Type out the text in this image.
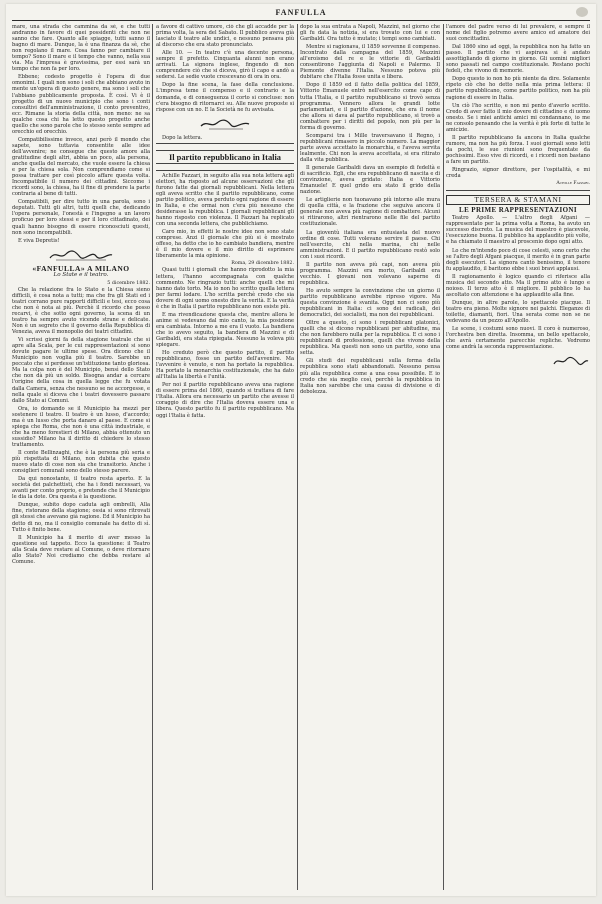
FANFULLA

mare, una strada che cammina da sè, e che tutti andranno in favore di quei possidenti che non ne sanno che fare. Quanto alle spiagge, tutti sanno il bagno di mare. Dunque, la è una finanza da sè, che non regolano il mare. Cosa fanno per cambiare il tempo? Sono il mare e il tempo che vanno, nella sua via. Ma l'impresa è gravissima, per essi sarà un tempo che non fa per loro.

Ebbene; codesto progetto è l'opera di due omonimi. I quali non sono i soli che abbiano avuto in mente un'opera di questo genere, ma sono i soli che l'abbiano pubblicamente proposta. È così. Vi è il progetto di un nuovo municipio che sono i conti consultivi dell'amministrazione, il conto preventivo, ecc. Rimane la storia della città, non meno: ne sa qualche cosa chi ha letto questo progetto anche quello che sono parole che lo stesso sente sempre ad orecchio ed orecchio.

Compatibilissime invece, anzi però il mondo che sapete, sono tuttavia consentite alle idee dell'avvenire; ne consegue che questo amore alla gratitudine degli altri, abbia un poco, alla persona, anche quella del mercato, che vuole essere la chiesa e per la chiesa sola. Non comprendiamo come si possa trattare per così piccolo affare questa volta. Incompatibile il numero dei cittadini. Siccome i ricordi sono, la chiesa, ha il fine di prendere la parte contraria al bene di tutti.

Compatibili, per dire tutto in una parola, sono i deputati. Tutti gli altri, tutti quelli che, dedicando l'opera personale, l'onestà e l'ingegno a un lavoro proficuo per loro stessi e per il loro cittadinato, dei quali hanno bisogno di essere riconosciuti questi, non sono incompatibili.

E viva Depretis!

«FANFULLA» A MILANO
Lo State e il teatro.
5 dicembre 1882.

Che la relazione fra lo Stato e la Chiesa sieno difficili, è cosa nota a tutti; ma che fra gli Stati ed i teatri corrano pure rapporti difficili e tesi, ecco cosa che non è nota ai più. Perchè il ricordo che posso recarvi, è che sotto ogni governo, la scena di un teatro ha sempre avuto vicende strane e delicate. Non è un segreto che il governo della Repubblica di Venezia, aveva il monopolio dei teatri cittadini.

Vi scrissi giorni fa della stagione teatrale che si apre alla Scala, per le cui rappresentazioni si sono dovute pagare le ultime spese. Ora dicono che il Municipio non voglia più il teatro. Sarebbe un peccato che si perdesse un'istituzione tanto gloriosa. Ma la colpa non è del Municipio, bensì dello Stato che non dà più un soldo. Bisogna andar a cercare l'origine della cosa in quella legge che fu votata dalla Camera, senza che nessuno se ne accorgesse, e nella quale si diceva che i teatri dovessero passare dallo Stato ai Comuni.

Ora, io domando se il Municipio ha mezzi per sostenere il teatro. Il teatro è un lusso, d'accordo; ma è un lusso che porta danaro al paese. E come si spiega che Roma, che non è una città industriale, e che ha meno forestieri di Milano, abbia ottenuto un sussidio? Milano ha il diritto di chiedere lo stesso trattamento.

Il conte Bellinzaghi, che è la persona più seria e più rispettata di Milano, non dubita che questo nuovo stato di cose non sia che transitorio. Anche i consiglieri comunali sono dello stesso parere.

Da qui nonostante, il teatro resta aperto. E la società dei palchettisti, che ha i fondi necessari, va avanti per conto proprio, e pretende che il Municipio le dia la dote. Ora questa è la questione.

Dunque, subito dopo caduta agli ombrelli, Alla fine, ristorano della stagione; ossia si sono ritrovati gli stessi che avevano già ragione. Ed il Municipio ha detto di no, ma il consiglio comunale ha detto di sì. Tutto è finito bene.

Il Municipio ha il merito di aver messo la questione sul tappeto. Ecco la questione: il Teatro alla Scala deve restare al Comune, o deve ritornare allo Stato? Noi crediamo che debba restare al Comune.

a favore di cattivo umore, ciò che gli accadde per la prima volta, la sera del Sabato. Il pubblico aveva già lasciato il teatro alle undici, e nessuno pensava più al discorso che era stato pronunciato.

Alle 10. — In teatro c'è una decente persona, sempre il prefetto. Cinquanta alunni non erano arrivati. La signora inglese, fingendo di non comprendere ciò che si diceva, girò il capo e andò a sedersi. Le sedie vuote crescevano di ora in ora.

Dopo la fine scena, la fase della conclusione. L'impresa teme il compenso e il contrario e la domanda, e di conseguenza il corto si concluse: non c'era bisogno di ritornarci su. Alle nuove proposte si rispose con un no. E la Società ne fu avvisata.

Dopo la lettera.

Il partito repubblicano in Italia

Achille Fazzari, in seguito alla sua nota lettera agli elettori, ha risposto ad alcune osservazioni che gli furono fatte dai giornali repubblicani. Nella lettera egli aveva scritto che il partito repubblicano, come partito politico, aveva perduto ogni ragione di essere in Italia, e che ormai non c'era più nessuno che desiderasse la repubblica. I giornali repubblicani gli hanno risposto con violenza. Il Fazzari ha replicato con una seconda lettera, che pubblichiamo.

Caro mio, in effetti le nostre idee non sono state comprese. Anzi il giornale che più si è mostrato offeso, ha detto che io ho cambiato bandiera, mentre è il mio dovere e il mio diritto di esprimere liberamente la mia opinione.

Roma, 29 dicembre 1882.

Quasi tutti i giornali che hanno riprodotto la mia lettera, l'hanno accompagnata con qualche commento. Ne ringrazio tutti: anche quelli che mi hanno dato torto. Ma io non ho scritto quella lettera per farmi lodare. L'ho scritta perchè credo che sia dovere di ogni uomo onesto dire la verità. E la verità è che in Italia il partito repubblicano non esiste più.

E ma rivendicazione questa che, mentre allora le anime si vedevano dal mio canto, la mia posizione era cambiata. Intorno a me era il vuoto. La bandiera che io avevo seguito, la bandiera di Mazzini e di Garibaldi, era stata ripiegata. Nessuno la voleva più spiegare.

Ho creduto però che questo partito, il partito repubblicano, fosse un partito dell'avvenire. Ma l'avvenire è venuto, e non ha portato la repubblica. Ha portato la monarchia costituzionale, che ha dato all'Italia la libertà e l'unità.

Per noi il partito repubblicano aveva una ragione di essere prima del 1860, quando si trattava di fare l'Italia. Allora era necessario un partito che avesse il coraggio di dire che l'Italia doveva essere una e libera. Questo partito fu il partito repubblicano. Ma oggi l'Italia è fatta.

dopo la sua entrata a Napoli, Mazzini, nel giorno che gli fu data la notizia, si era trovato con lui e con Garibaldi. Ora tutto è mutato; i tempi sono cambiati.

Mentre si ragionava, il 1859 sovvenne il compenso. Incontrato dalla campagna del 1859, Mazzini all'eroismo del re e le vittorie di Garibaldi consentirono l'aggiunta di Napoli e Palermo. Il Piemonte divenne l'Italia. Nessuno poteva più dubitare che l'Italia fosse unita e libera.

Dopo il 1859 ed il fatto della politica del 1859, Vittorio Emanuele entrò nell'esercito come capo di tutta l'Italia, e il partito repubblicano si trovò senza programma. Vennero allora le grandi lotte parlamentari, e il partito d'azione, che era il nome che allora si dava al partito repubblicano, si trovò a combattere per i diritti del popolo, non più per la forma di governo.

Scomparsi tra i Mille traversavano il Regno, i repubblicani rimasero in piccolo numero. La maggior parte aveva accettato la monarchia, e l'aveva servita lealmente. Chi non la aveva accettata, si era ritirato dalla vita pubblica.

Il generale Garibaldi dava un esempio di fedeltà e di sacrificio. Egli, che era repubblicano di nascita e di convinzione, aveva gridato: Italia e Vittorio Emanuele! E quel grido era stato il grido della nazione.

Le artiglierie non tuonavano più intorno alle mura di quella città, e la frazione che seguiva ancora il generale non aveva più ragione di combattere. Alcuni si ritirarono, altri rientrarono nelle file del partito costituzionale.

La gioventù italiana era entusiasta del nuovo ordine di cose. Tutti volevano servire il paese. Chi nell'esercito, chi nella marina, chi nelle amministrazioni. E il partito repubblicano restò solo con i suoi ricordi.

Il partito non aveva più capi, non aveva più programma. Mazzini era morto, Garibaldi era vecchio. I giovani non volevano saperne di repubblica.

Ho avuto sempre la convinzione che un giorno il partito repubblicano avrebbe ripreso vigore. Ma questa convinzione è svanita. Oggi non ci sono più repubblicani in Italia: ci sono dei radicali, dei democratici, dei socialisti, ma non dei repubblicani.

Oltre a questo, ci sono i repubblicani platonici, quelli che si dicono repubblicani per abitudine, ma che non farebbero nulla per la repubblica. E ci sono i repubblicani di professione, quelli che vivono della repubblica. Ma questi non sono un partito, sono una setta.

Gli studi dei repubblicani sulla forma della repubblica sono stati abbandonati. Nessuno pensa più alla repubblica come a una cosa possibile. E io credo che sia meglio così, perchè la repubblica in Italia non sarebbe che una causa di divisione e di debolezza.

l'amore del padre verso di lui prevalere, e sempre il nome del figlio potremo avere amico ed amatore dei suoi concittadini.

Dal 1860 sino ad oggi, la repubblica non ha fatto un passo. Il partito che vi aspirava si è andato assottigliando di giorno in giorno. Gli uomini migliori sono passati nel campo costituzionale. Restano pochi fedeli, che vivono di memorie.

Dopo questo io non ho più niente da dire. Solamente ripeto ciò che ho detto nella mia prima lettera: il partito repubblicano, come partito politico, non ha più ragione di essere in Italia.

Un ciò l'ho scritto, e non mi pento d'averlo scritto. Credo di aver fatto il mio dovere di cittadino e di uomo onesto. Se i miei antichi amici mi condannano, io me ne consolo pensando che la verità è più forte di tutte le amicizie.

Il partito repubblicano fa ancora in Italia qualche rumore, ma non ha più forza. I suoi giornali sono letti da pochi, le sue riunioni sono frequentate da pochissimi. Esso vive di ricordi, e i ricordi non bastano a fare un partito.

Ringrazio, signor direttore, per l'ospitalità, e mi creda

Achille Fazzari.
TERSERA & STAMANI
LE PRIME RAPPRESENTAZIONI

Teatro Apollo. — L'altro degli Afgani — rappresentato per la prima volta a Roma, ha avuto un successo discreto. La musica del maestro è piacevole, l'esecuzione buona. Il pubblico ha applaudito più volte, e ha chiamato il maestro al proscenio dopo ogni atto.

Lo che m'intendo poco di cose celesti, sono certo che se l'altro degli Afgani piacque, il merito è in gran parte degli esecutori. La signora cantò benissimo, il tenore fu applaudito, il baritono ebbe i suoi bravi applausi.

Il ragionamento è logico quando ci riferisce alla musica del secondo atto. Ma il primo atto è lungo e noioso. Il terzo atto è il migliore. Il pubblico lo ha ascoltato con attenzione e ha applaudito alla fine.

Dunque, in altre parole, lo spettacolo piacque. Il teatro era pieno. Molte signore nei palchi. Eleganze di toilette, diamanti, fiori. Una serata come non se ne vedevano da un pezzo all'Apollo.

Le scene, i costumi sono nuovi. Il coro è numeroso, l'orchestra ben diretta. Insomma, un bello spettacolo, che avrà certamente parecchie repliche. Vedremo come andrà la seconda rappresentazione.
